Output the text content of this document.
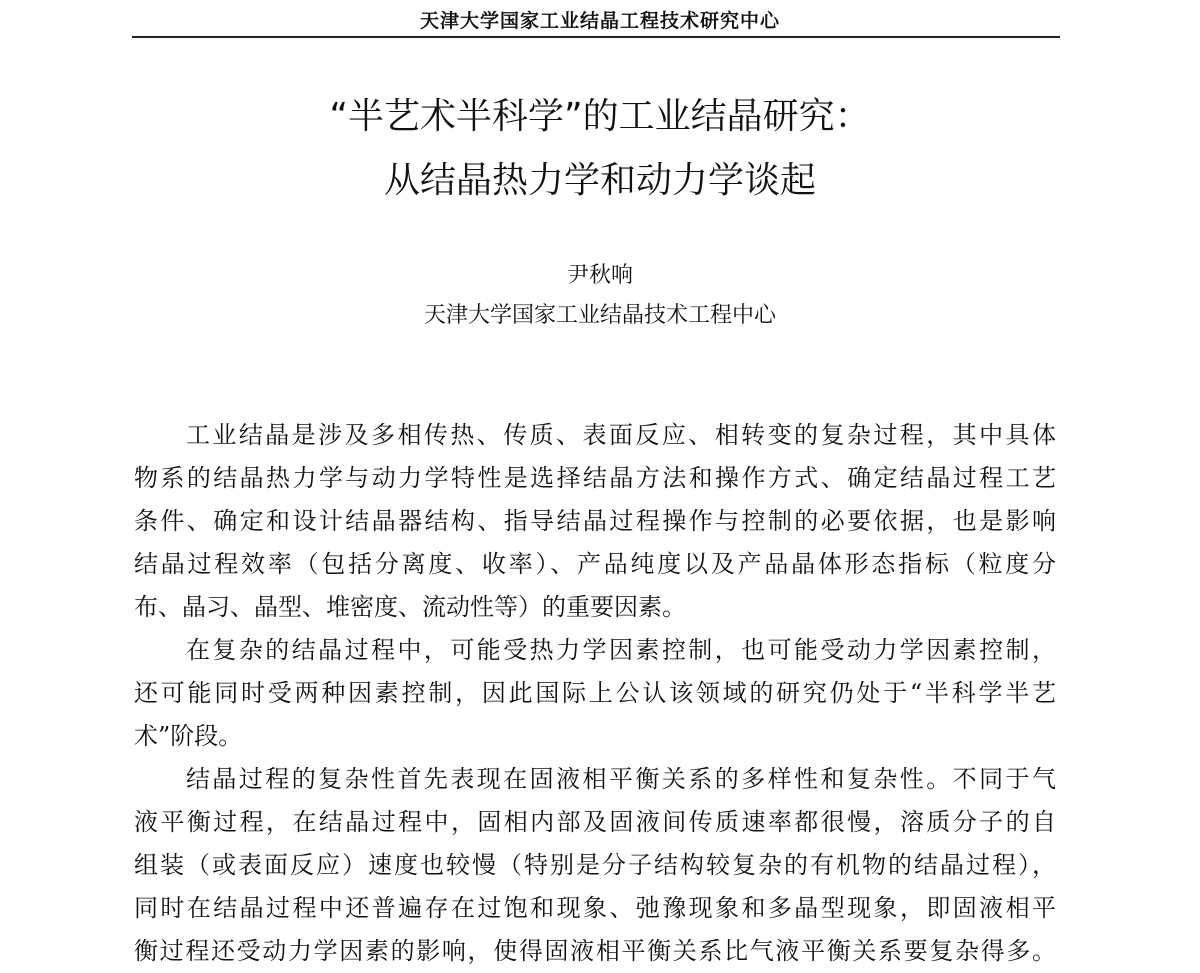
天津大学国家工业结晶工程技术研究中心
“半艺术半科学”的工业结晶研究：
从结晶热力学和动力学谈起
尹秋响
天津大学国家工业结晶技术工程中心
工业结晶是涉及多相传热、传质、表面反应、相转变的复杂过程，其中具体
物系的结晶热力学与动力学特性是选择结晶方法和操作方式、确定结晶过程工艺
条件、确定和设计结晶器结构、指导结晶过程操作与控制的必要依据，也是影响
结晶过程效率（包括分离度、收率）、产品纯度以及产品晶体形态指标（粒度分
布、晶习、晶型、堆密度、流动性等）的重要因素。
在复杂的结晶过程中，可能受热力学因素控制，也可能受动力学因素控制，
还可能同时受两种因素控制，因此国际上公认该领域的研究仍处于“半科学半艺
术”阶段。
结晶过程的复杂性首先表现在固液相平衡关系的多样性和复杂性。不同于气
液平衡过程，在结晶过程中，固相内部及固液间传质速率都很慢，溶质分子的自
组装（或表面反应）速度也较慢（特别是分子结构较复杂的有机物的结晶过程），
同时在结晶过程中还普遍存在过饱和现象、弛豫现象和多晶型现象，即固液相平
衡过程还受动力学因素的影响，使得固液相平衡关系比气液平衡关系要复杂得多。
